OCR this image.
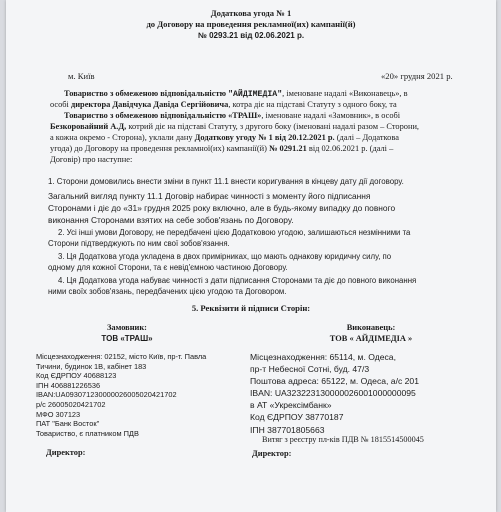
Додаткова угода № 1
до Договору на проведення рекламної(их) кампанії(й)
№ 0293.21 від 02.06.2021 р.
м. Київ	«20» грудня 2021 р.
Товариство з обмеженою відповідальністю "АЙДІМЕДІА", іменоване надалі «Виконавець», в
особі директора Давідчука Давіда Сергійовича, котра діє на підставі Статуту з одного боку, та
Товариство з обмеженою відповідальністю «ТРАШ», іменоване надалі «Замовник», в особі
Безкоровайний А.Д, котрий діє на підставі Статуту, з другого боку (іменовані надалі разом – Сторони,
а кожна окремо - Сторона), уклали дану Додаткову угоду № 1 від 20.12.2021 р. (далі – Додаткова
угода) до Договору на проведення рекламної(их) кампанії(й) № 0291.21 від 02.06.2021 р. (далі –
Договір) про наступне:
1. Сторони домовились внести зміни в пункт 11.1 внести коригування в кінцеву дату дії договору.
Загальний вигляд пункту 11.1 Договір набирає чинності з моменту його підписання
Сторонами і діє до «31» грудня 2025 року включно, але в будь-якому випадку до повного
виконання Сторонами взятих на себе зобов'язань по Договору.
2. Усі інші умови Договору, не передбачені цією Додатковою угодою, залишаються незмінними та
Сторони підтверджують по ним свої зобов'язання.
3. Ця Додаткова угода укладена в двох примірниках, що мають однакову юридичну силу, по
одному для кожної Сторони, та є невід'ємною частиною Договору.
4. Ця Додаткова угода набуває чинності з дати підписання Сторонами та діє до повного виконання
ними своїх зобов'язань, передбачених цією угодою та Договором.
5. Реквізити й підписи Сторін:
Замовник:
ТОВ «ТРАШ»
Місцезнаходження: 02152, місто Київ, пр-т. Павла
Тичини, будинок 1В, кабінет 183
Код ЄДРПОУ 40688123
ІПН 406881226536
IBAN:UA093071230000026005020421702
р/с 26005020421702
МФО 307123
ПАТ "Банк Восток"
Товариство, є платником ПДВ
Директор:
Виконавець:
ТОВ « АЙДІМЕДІА »
Місцезнаходження: 65114, м. Одеса,
пр-т Небесної Сотні, буд. 47/3
Поштова адреса: 65122, м. Одеса, а/с 201
IBAN: UA323223130000026001000000095
в АТ «Укрексімбанк»
Код ЄДРПОУ 38770187
ІПН 387701805663
Витяг з реєстру пл-ків ПДВ № 1815514500045
Директор:
